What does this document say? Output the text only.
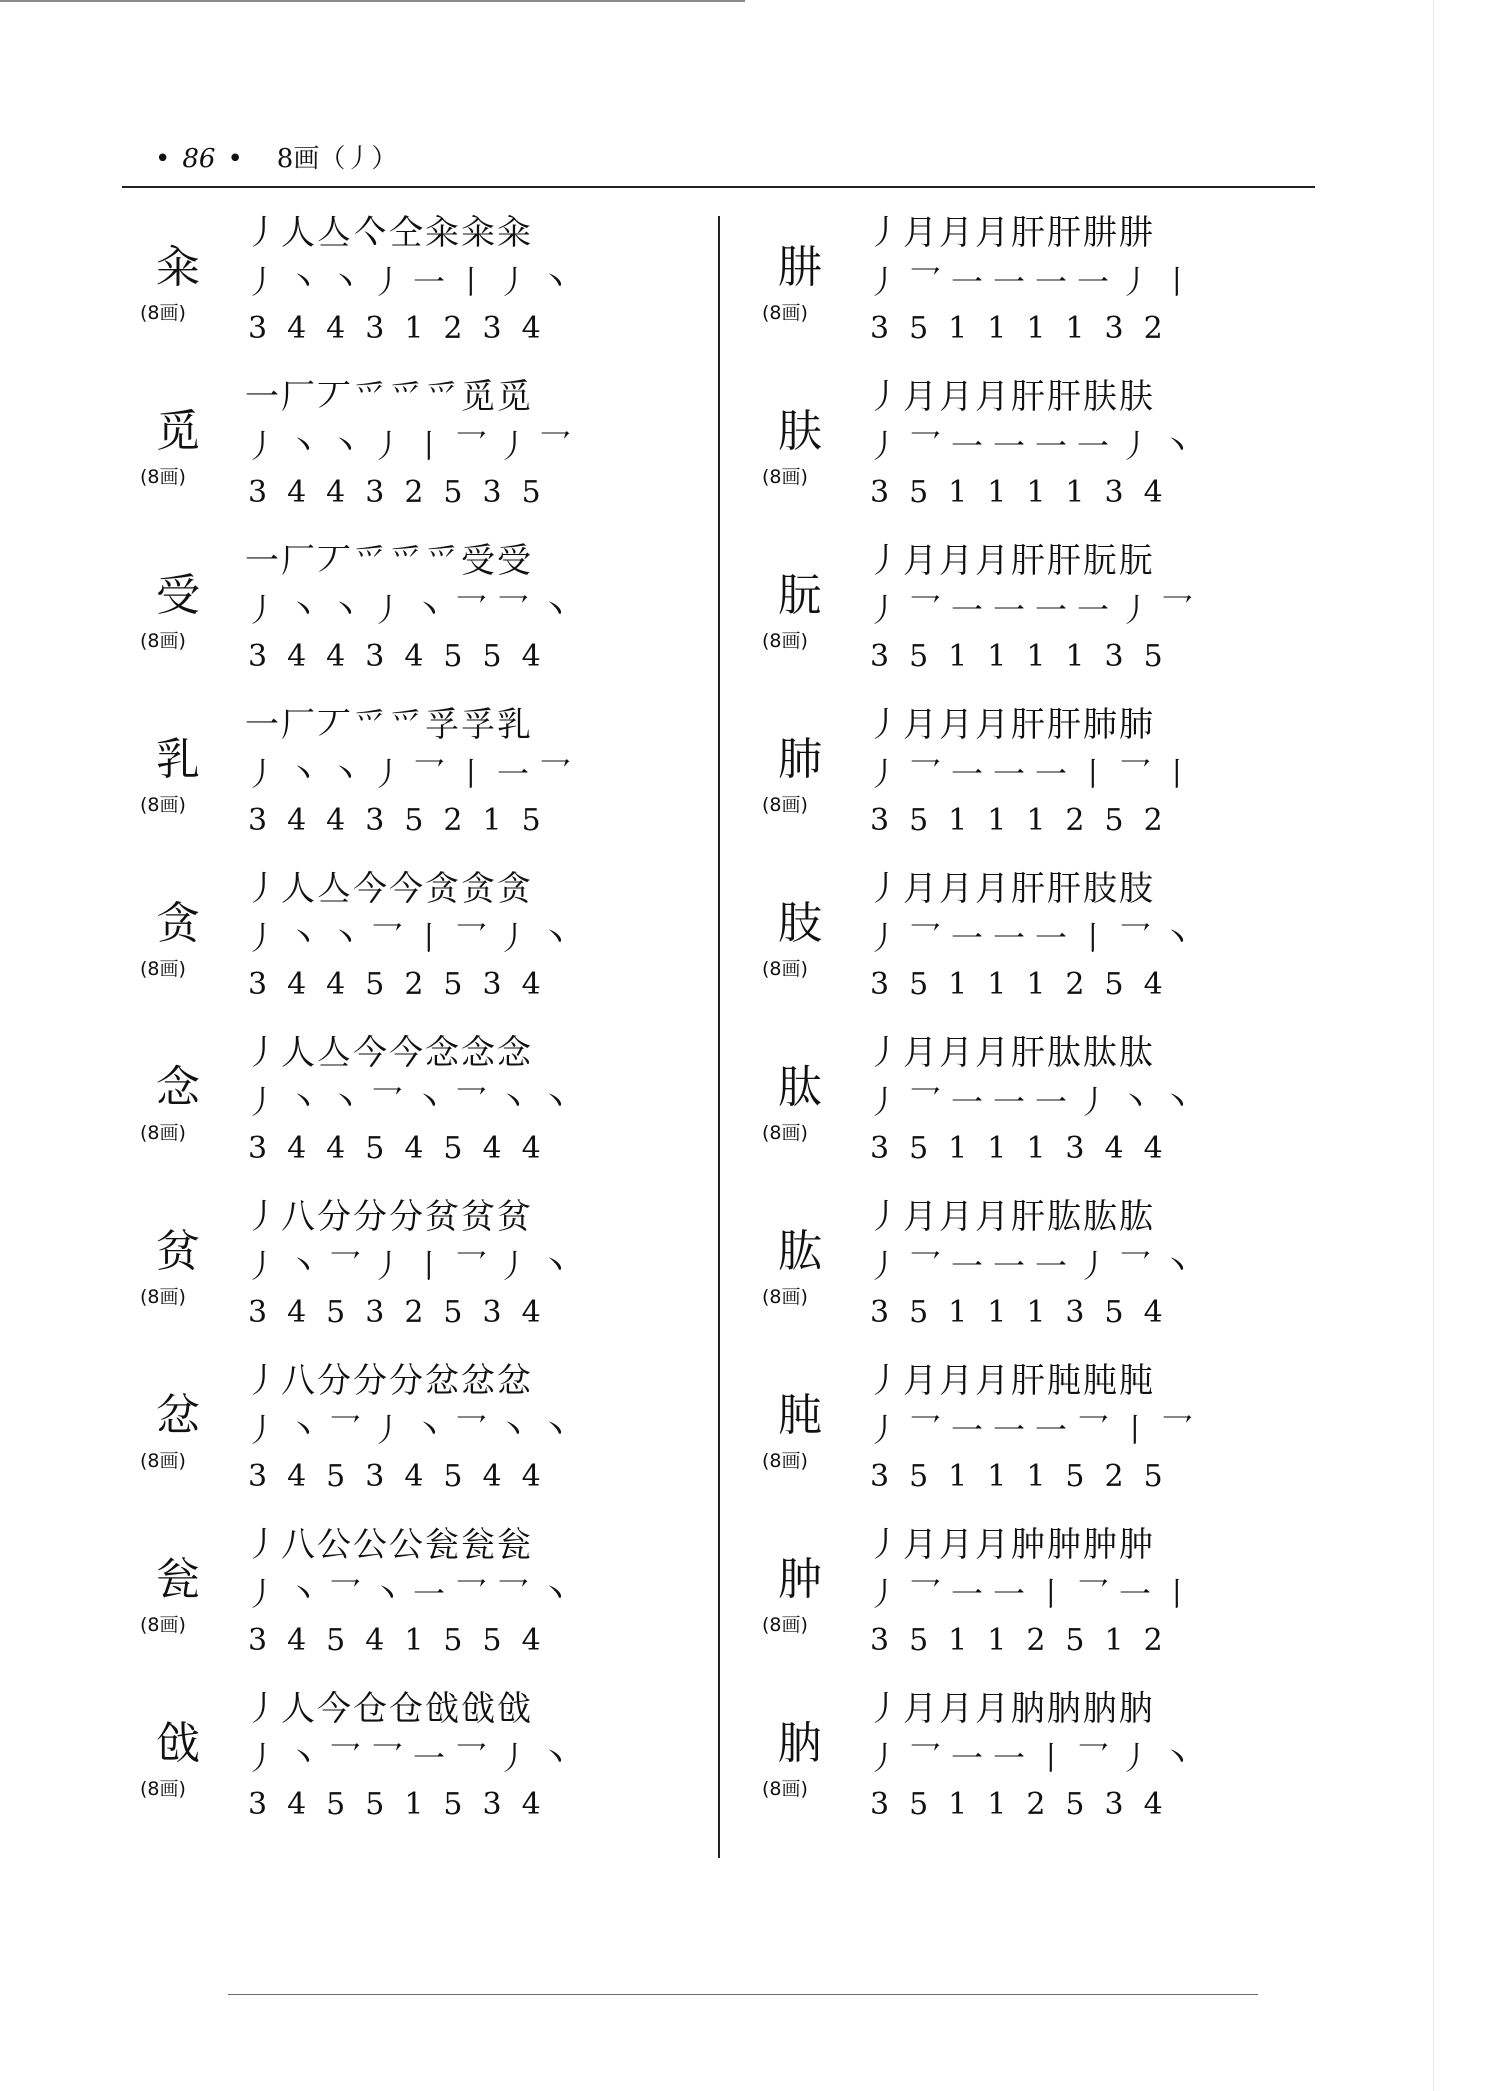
• 86 • 8画（丿）
籴
(8画)
丿人亼亽仝籴籴籴
丿丶丶丿一丨丿丶
34431234
觅
(8画)
一厂丆爫爫爫觅觅
丿丶丶丿丨乛丿乛
34432535
受
(8画)
一厂丆爫爫爫受受
丿丶丶丿丶乛乛丶
34434554
乳
(8画)
一厂丆爫爫孚孚乳
丿丶丶丿乛丨一乛
34435215
贪
(8画)
丿人亼今今贪贪贪
丿丶丶乛丨乛丿丶
34452534
念
(8画)
丿人亼今今念念念
丿丶丶乛丶乛丶丶
34454544
贫
(8画)
丿八分分分贫贫贫
丿丶乛丿丨乛丿丶
34532534
忿
(8画)
丿八分分分忿忿忿
丿丶乛丿丶乛丶丶
34534544
瓮
(8画)
丿八公公公瓮瓮瓮
丿丶乛丶一乛乛丶
34541554
戗
(8画)
丿人今仓仓戗戗戗
丿丶乛乛一乛丿丶
34551534
肼
(8画)
丿月月月肝肝肼肼
丿乛一一一一丿丨
35111132
肤
(8画)
丿月月月肝肝肤肤
丿乛一一一一丿丶
35111134
朊
(8画)
丿月月月肝肝朊朊
丿乛一一一一丿乛
35111135
肺
(8画)
丿月月月肝肝肺肺
丿乛一一一丨乛丨
35111252
肢
(8画)
丿月月月肝肝肢肢
丿乛一一一丨乛丶
35111254
肽
(8画)
丿月月月肝肽肽肽
丿乛一一一丿丶丶
35111344
肱
(8画)
丿月月月肝肱肱肱
丿乛一一一丿乛丶
35111354
肫
(8画)
丿月月月肝肫肫肫
丿乛一一一乛丨乛
35111525
肿
(8画)
丿月月月肿肿肿肿
丿乛一一丨乛一丨
35112512
肭
(8画)
丿月月月肭肭肭肭
丿乛一一丨乛丿丶
35112534
